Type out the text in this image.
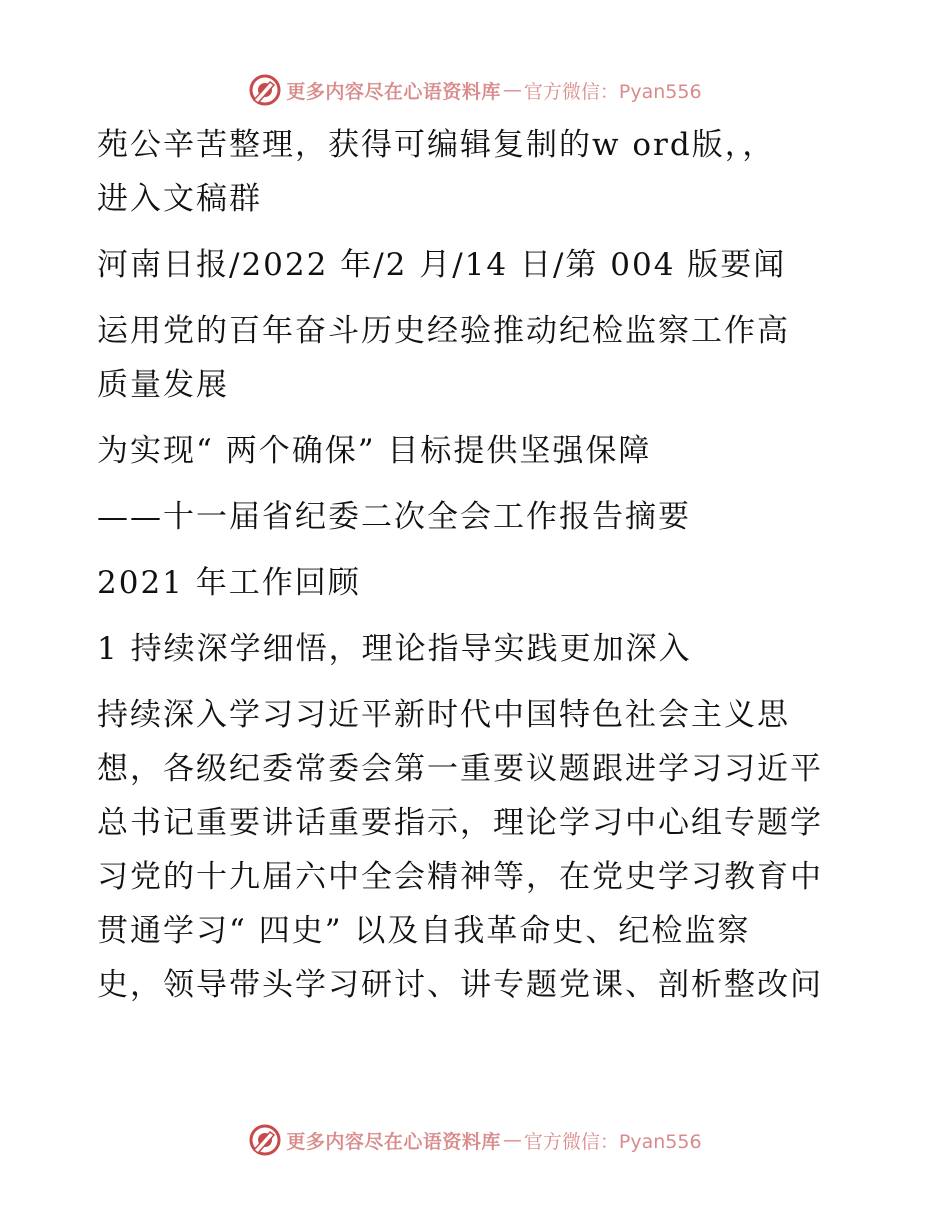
更多内容尽在心语资料库 — 官方微信：Pyan556

苑公辛苦整理，获得可编辑复制的w ord版，，

进入文稿群

河南日报/2022 年/2 月/14 日/第 004 版要闻

运用党的百年奋斗历史经验推动纪检监察工作高

质量发展

为实现“ 两个确保” 目标提供坚强保障

——十一届省纪委二次全会工作报告摘要

2021 年工作回顾

1 持续深学细悟，理论指导实践更加深入

持续深入学习习近平新时代中国特色社会主义思

想，各级纪委常委会第一重要议题跟进学习习近平

总书记重要讲话重要指示，理论学习中心组专题学

习党的十九届六中全会精神等，在党史学习教育中

贯通学习“ 四史” 以及自我革命史、纪检监察

史，领导带头学习研讨、讲专题党课、剖析整改问

更多内容尽在心语资料库 — 官方微信：Pyan556
